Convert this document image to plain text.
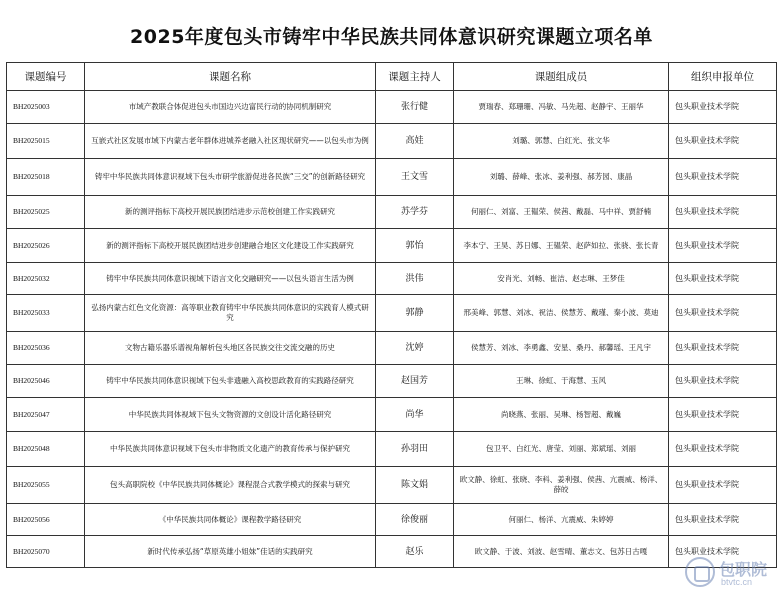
2025年度包头市铸牢中华民族共同体意识研究课题立项名单
课题编号	课题名称	课题主持人	课题组成员	组织申报单位
BH2025003	市域产教联合体促进包头市国边兴边富民行动的协同机制研究	张行健	贾瑞春、郑珊珊、冯敏、马先超、赵静宇、王丽华	包头职业技术学院
BH2025015	互嵌式社区发展市域下内蒙古老年群体进城养老融入社区现状研究——以包头市为例	高娃	刘璐、郭慧、白红光、张文华	包头职业技术学院
BH2025018	铸牢中华民族共同体意识视域下包头市研学旅游促进各民族“三交”的创新路径研究	王文雪	刘璐、薛峰、张冰、姜利强、郝芳园、康晶	包头职业技术学院
BH2025025	新的测评指标下高校开展民族团结进步示范校创建工作实践研究	苏学芬	何丽仁、刘富、王韫荣、侯茜、戴磊、马中祥、贾舒楠	包头职业技术学院
BH2025026	新的测评指标下高校开展民族团结进步创建融合地区文化建设工作实践研究	郭怡	李本宁、王昊、苏日娜、王韫荣、赵萨如拉、张骁、张长青	包头职业技术学院
BH2025032	铸牢中华民族共同体意识视域下语言文化交融研究——以包头语言生活为例	洪伟	安肖光、刘畅、崔洁、赵志琳、王梦佳	包头职业技术学院
BH2025033	弘扬内蒙古红色文化资源：高等职业教育铸牢中华民族共同体意识的实践育人模式研究	郭静	邢美峰、郭慧、刘冰、祝洁、侯慧芳、戴瑾、秦小波、莫迪	包头职业技术学院
BH2025036	文物古籍乐器乐谱视角解析包头地区各民族交往交流交融的历史	沈婷	侯慧芳、刘冰、李勇鑫、安星、桑丹、郝馨瑶、王凡宇	包头职业技术学院
BH2025046	铸牢中华民族共同体意识视域下包头非遗融入高校思政教育的实践路径研究	赵国芳	王琳、徐虹、于海慧、玉风	包头职业技术学院
BH2025047	中华民族共同体视域下包头文物资源的文创设计活化路径研究	尚华	尚晓燕、张丽、吴琳、杨智超、戴巍	包头职业技术学院
BH2025048	中华民族共同体意识视域下包头市非物质文化遗产的教育传承与保护研究	孙羽田	包卫平、白红光、唐莹、刘丽、郑斌瑶、刘丽	包头职业技术学院
BH2025055	包头高职院校《中华民族共同体概论》课程混合式教学模式的探索与研究	陈文娟	欧文静、徐虹、张晓、李科、姜利强、侯茜、亢震威、杨洋、薛皎	包头职业技术学院
BH2025056	《中华民族共同体概论》课程教学路径研究	徐俊丽	何丽仁、杨洋、亢震威、朱婷婷	包头职业技术学院
BH2025070	新时代传承弘扬“草原英雄小姐妹”佳话的实践研究	赵乐	欧文静、于波、刘波、赵雪晴、董志文、包苏日古嘎	包头职业技术学院
包职院
btvtc.cn
